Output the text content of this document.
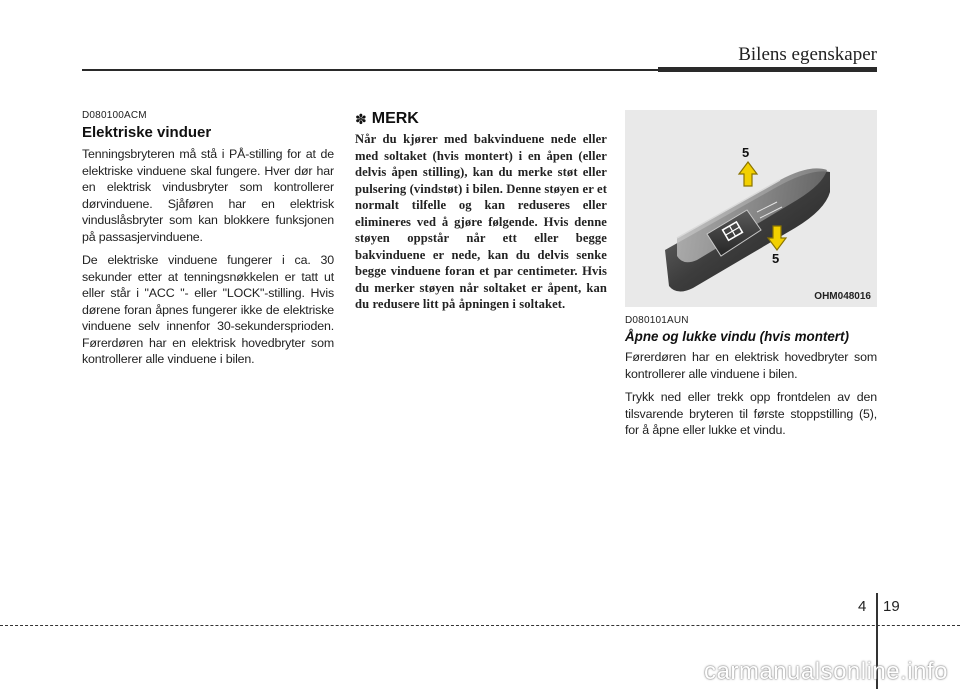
Bilens egenskaper
D080100ACM
Elektriske vinduer

Tenningsbryteren må stå i PÅ-stilling for at de elektriske vinduene skal fungere. Hver dør har en elektrisk vindusbryter som kontrollerer dørvinduene. Sjåføren har en elektrisk vinduslåsbryter som kan blokkere funksjonen på passasjervinduene.

De elektriske vinduene fungerer i ca. 30 sekunder etter at tenningsnøkkelen er tatt ut eller står i "ACC "- eller "LOCK"-stilling. Hvis dørene foran åpnes fungerer ikke de elektriske vinduene selv innenfor 30-sekundersprioden. Førerdøren har en elektrisk hovedbryter som kontrollerer alle vinduene i bilen.

✽ MERK

Når du kjører med bakvinduene nede eller med soltaket (hvis montert) i en åpen (eller delvis åpen stilling), kan du merke støt eller pulsering (vindstøt) i bilen. Denne støyen er et normalt tilfelle og kan reduseres eller elimineres ved å gjøre følgende. Hvis denne støyen oppstår når ett eller begge bakvinduene er nede, kan du delvis senke begge vinduene foran et par centimeter. Hvis du merker støyen når soltaket er åpent, kan du redusere litt på åpningen i soltaket.

5
5
OHM048016
D080101AUN
Åpne og lukke vindu (hvis montert)

Førerdøren har en elektrisk hovedbryter som kontrollerer alle vinduene i bilen.

Trykk ned eller trekk opp frontdelen av den tilsvarende bryteren til første stoppstilling (5), for å åpne eller lukke et vindu.

4 19
carmanualsonline.info
